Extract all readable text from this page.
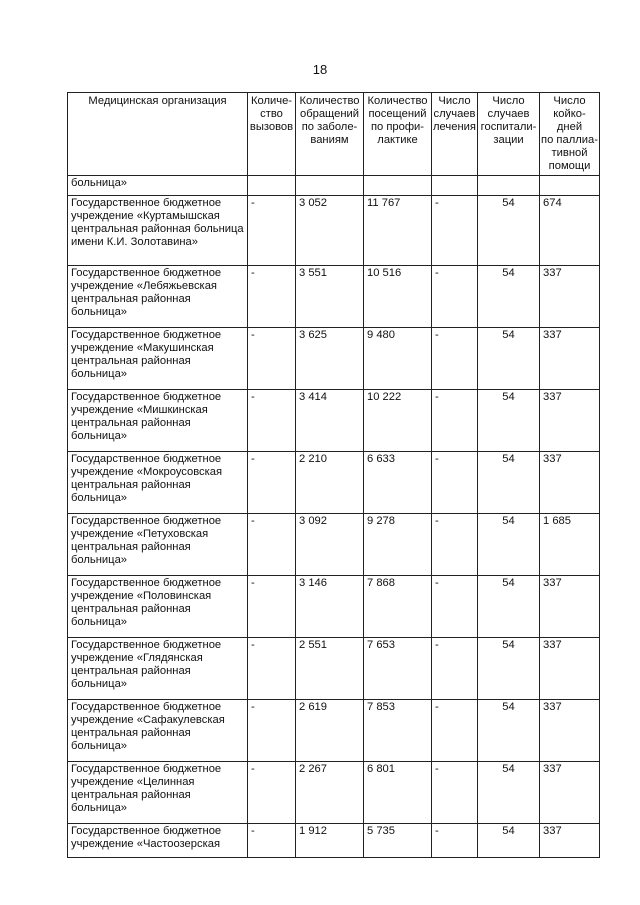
18
Медицинская организация	Количе-
ство
вызовов	Количество
обращений
по заболе-
ваниям	Количество
посещений
по профи-
лактике	Число
случаев
лечения	Число
случаев
госпитали-
зации	Число
койко-дней
по паллиа-
тивной
помощи
больница»						
Государственное бюджетное учреждение «Куртамышская центральная районная больница имени К.И. Золотавина»	-	3 052	11 767	-	54	674
Государственное бюджетное учреждение «Лебяжьевская центральная районная больница»	-	3 551	10 516	-	54	337
Государственное бюджетное учреждение «Макушинская центральная районная больница»	-	3 625	9 480	-	54	337
Государственное бюджетное учреждение «Мишкинская центральная районная больница»	-	3 414	10 222	-	54	337
Государственное бюджетное учреждение «Мокроусовская центральная районная больница»	-	2 210	6 633	-	54	337
Государственное бюджетное учреждение «Петуховская центральная районная больница»	-	3 092	9 278	-	54	1 685
Государственное бюджетное учреждение «Половинская центральная районная больница»	-	3 146	7 868	-	54	337
Государственное бюджетное учреждение «Глядянская центральная районная больница»	-	2 551	7 653	-	54	337
Государственное бюджетное учреждение «Сафакулевская центральная районная больница»	-	2 619	7 853	-	54	337
Государственное бюджетное учреждение «Целинная центральная районная больница»	-	2 267	6 801	-	54	337
Государственное бюджетное учреждение «Частоозерская	-	1 912	5 735	-	54	337
